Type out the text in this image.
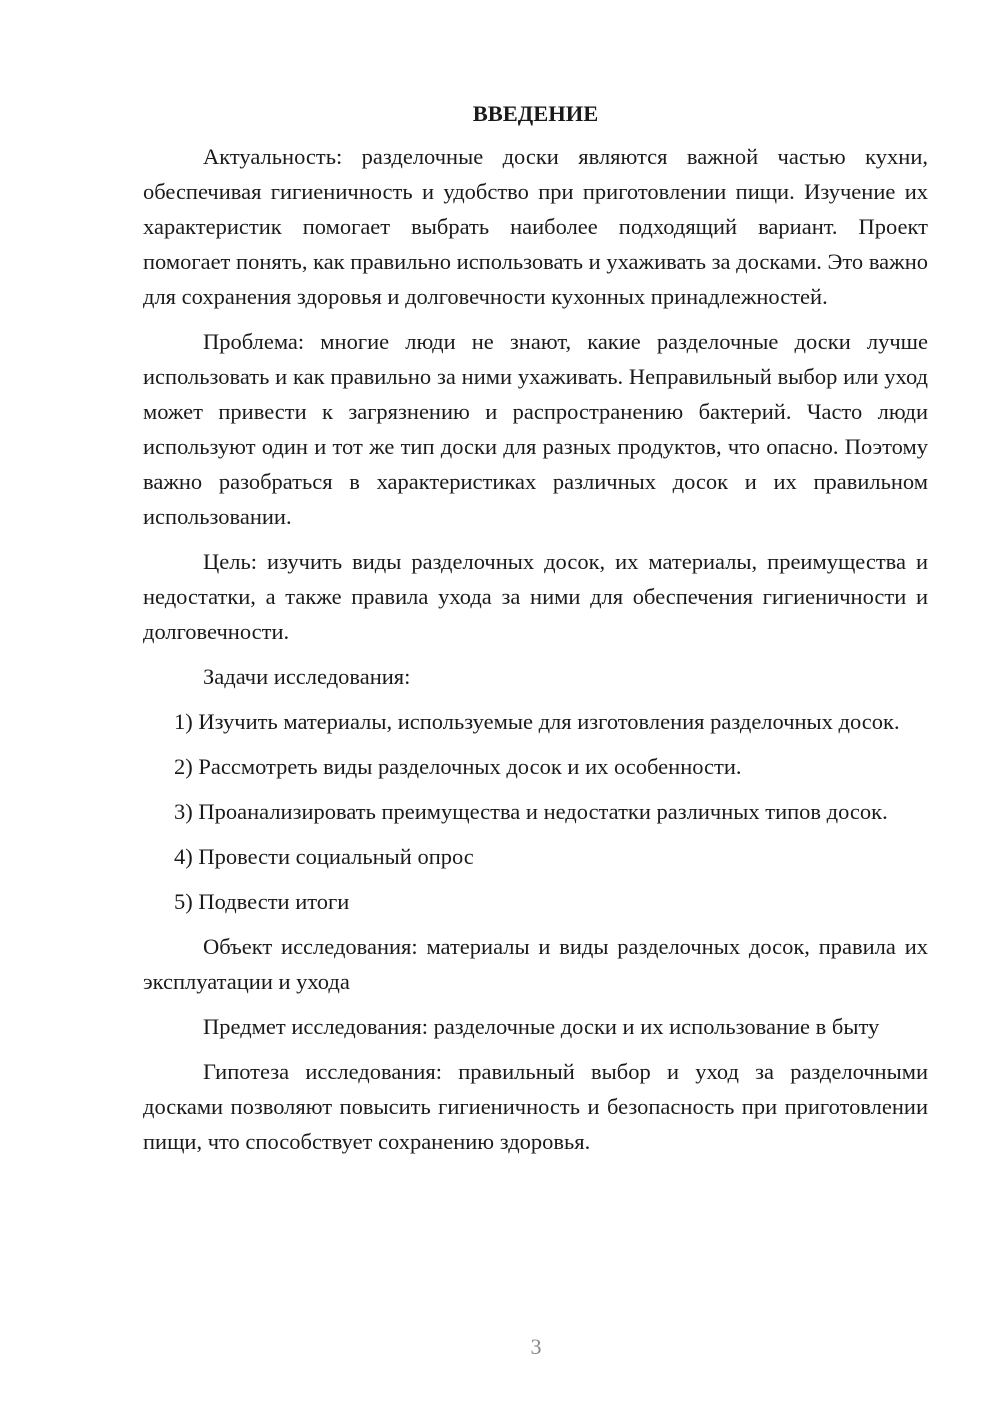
ВВЕДЕНИЕ

Актуальность: разделочные доски являются важной частью кухни, обеспечивая гигиеничность и удобство при приготовлении пищи. Изучение их характеристик помогает выбрать наиболее подходящий вариант. Проект помогает понять, как правильно использовать и ухаживать за досками. Это важно для сохранения здоровья и долговечности кухонных принадлежностей.

Проблема: многие люди не знают, какие разделочные доски лучше использовать и как правильно за ними ухаживать. Неправильный выбор или уход может привести к загрязнению и распространению бактерий. Часто люди используют один и тот же тип доски для разных продуктов, что опасно. Поэтому важно разобраться в характеристиках различных досок и их правильном использовании.

Цель: изучить виды разделочных досок, их материалы, преимущества и недостатки, а также правила ухода за ними для обеспечения гигиеничности и долговечности.

Задачи исследования:

1) Изучить материалы, используемые для изготовления разделочных досок.

2) Рассмотреть виды разделочных досок и их особенности.

3) Проанализировать преимущества и недостатки различных типов досок.

4) Провести социальный опрос

5) Подвести итоги

Объект исследования: материалы и виды разделочных досок, правила их эксплуатации и ухода

Предмет исследования: разделочные доски и их использование в быту

Гипотеза исследования: правильный выбор и уход за разделочными досками позволяют повысить гигиеничность и безопасность при приготовлении пищи, что способствует сохранению здоровья.

3
